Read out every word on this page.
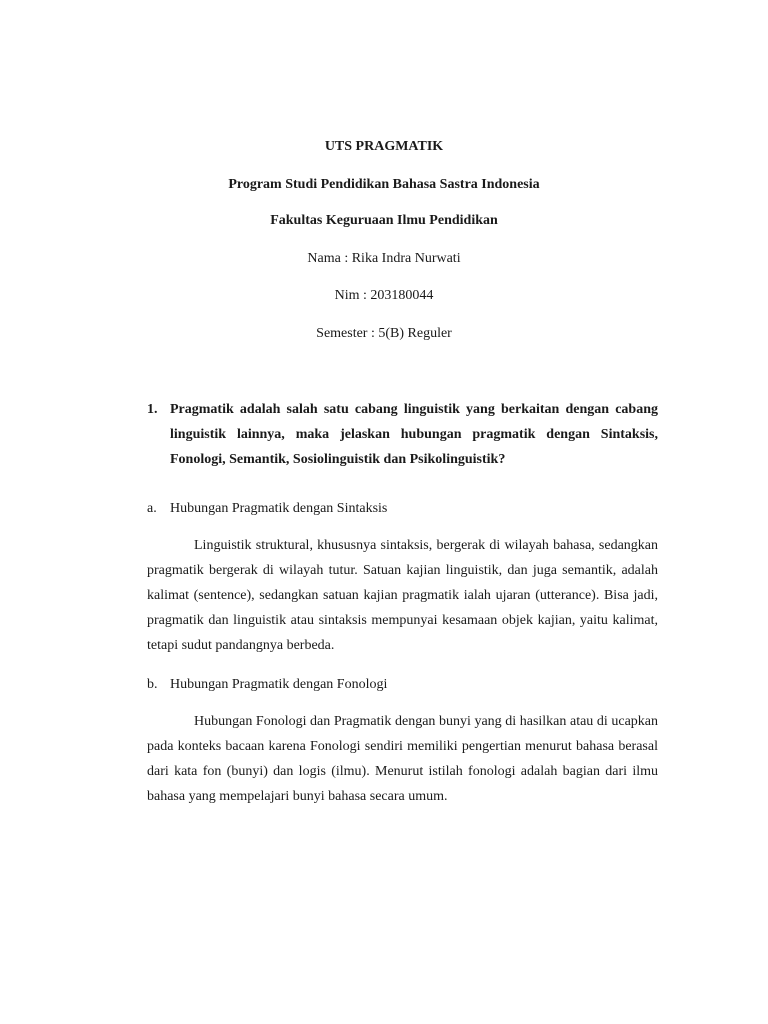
UTS PRAGMATIK
Program Studi Pendidikan Bahasa Sastra Indonesia
Fakultas Keguruaan Ilmu Pendidikan
Nama : Rika Indra Nurwati
Nim : 203180044
Semester : 5(B) Reguler
1. Pragmatik adalah salah satu cabang linguistik yang berkaitan dengan cabang linguistik lainnya, maka jelaskan hubungan pragmatik dengan Sintaksis, Fonologi, Semantik, Sosiolinguistik dan Psikolinguistik?
a. Hubungan Pragmatik dengan Sintaksis

Linguistik struktural, khususnya sintaksis, bergerak di wilayah bahasa, sedangkan pragmatik bergerak di wilayah tutur. Satuan kajian linguistik, dan juga semantik, adalah kalimat (sentence), sedangkan satuan kajian pragmatik ialah ujaran (utterance). Bisa jadi, pragmatik dan linguistik atau sintaksis mempunyai kesamaan objek kajian, yaitu kalimat, tetapi sudut pandangnya berbeda.

b. Hubungan Pragmatik dengan Fonologi

Hubungan Fonologi dan Pragmatik dengan bunyi yang di hasilkan atau di ucapkan pada konteks bacaan karena Fonologi sendiri memiliki pengertian menurut bahasa berasal dari kata fon (bunyi) dan logis (ilmu). Menurut istilah fonologi adalah bagian dari ilmu bahasa yang mempelajari bunyi bahasa secara umum.
